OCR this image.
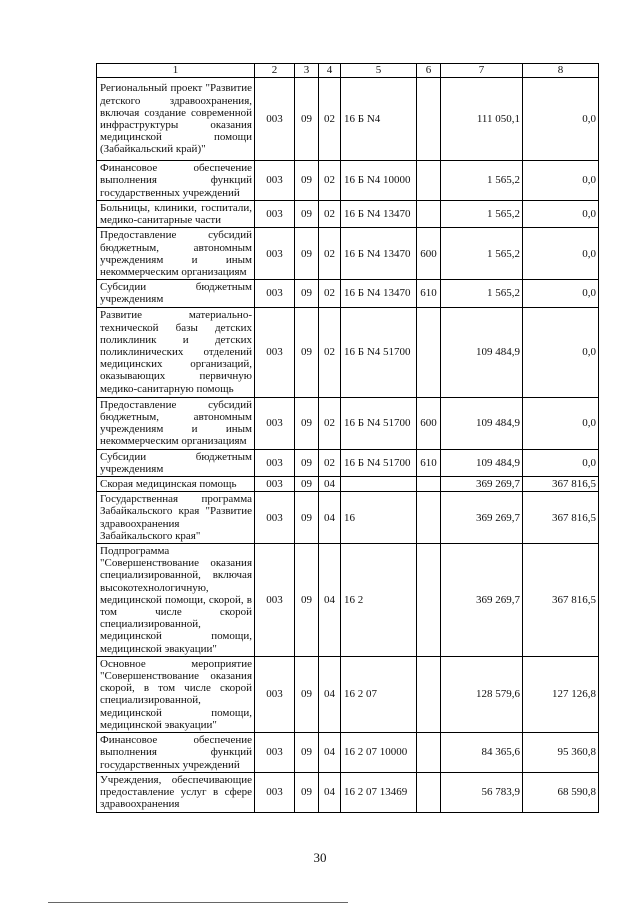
1	2	3	4	5	6	7	8
Региональный проект "Развитие детского здравоохранения, включая создание современной инфраструктуры оказания медицинской помощи (Забайкальский край)"	003	09	02	16 Б N4		111 050,1	0,0
Финансовое обеспечение выполнения функций государственных учреждений	003	09	02	16 Б N4 10000		1 565,2	0,0
Больницы, клиники, госпитали, медико-санитарные части	003	09	02	16 Б N4 13470		1 565,2	0,0
Предоставление субсидий бюджетным, автономным учреждениям и иным некоммерческим организациям	003	09	02	16 Б N4 13470	600	1 565,2	0,0
Субсидии бюджетным учреждениям	003	09	02	16 Б N4 13470	610	1 565,2	0,0
Развитие материально-технической базы детских поликлиник и детских поликлинических отделений медицинских организаций, оказывающих первичную медико-санитарную помощь	003	09	02	16 Б N4 51700		109 484,9	0,0
Предоставление субсидий бюджетным, автономным учреждениям и иным некоммерческим организациям	003	09	02	16 Б N4 51700	600	109 484,9	0,0
Субсидии бюджетным учреждениям	003	09	02	16 Б N4 51700	610	109 484,9	0,0
Скорая медицинская помощь	003	09	04			369 269,7	367 816,5
Государственная программа Забайкальского края "Развитие здравоохранения Забайкальского края"	003	09	04	16		369 269,7	367 816,5
Подпрограмма "Совершенствование оказания специализированной, включая высокотехнологичную, медицинской помощи, скорой, в том числе скорой специализированной, медицинской помощи, медицинской эвакуации"	003	09	04	16 2		369 269,7	367 816,5
Основное мероприятие "Совершенствование оказания скорой, в том числе скорой специализированной, медицинской помощи, медицинской эвакуации"	003	09	04	16 2 07		128 579,6	127 126,8
Финансовое обеспечение выполнения функций государственных учреждений	003	09	04	16 2 07 10000		84 365,6	95 360,8
Учреждения, обеспечивающие предоставление услуг в сфере здравоохранения	003	09	04	16 2 07 13469		56 783,9	68 590,8
30
